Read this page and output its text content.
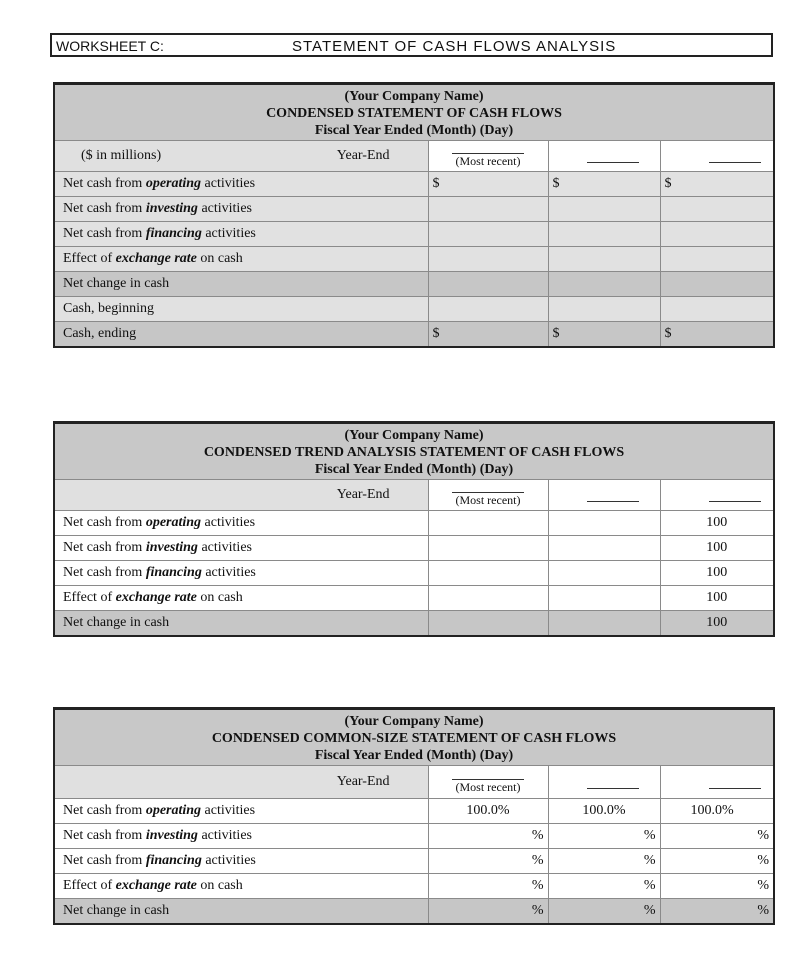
WORKSHEET C:	STATEMENT OF CASH FLOWS ANALYSIS
(Your Company Name)
CONDENSED STATEMENT OF CASH FLOWS
Fiscal Year Ended (Month) (Day)			

($ in millions) Year-End	(Most recent)	

Net cash from operating activities	$	$	$
Net cash from investing activities			
Net cash from financing activities			
Effect of exchange rate on cash			
Net change in cash			
Cash, beginning			
Cash, ending	$	$	$
(Your Company Name)
CONDENSED TREND ANALYSIS STATEMENT OF CASH FLOWS
Fiscal Year Ended (Month) (Day)			

Year-End	(Most recent)	

Net cash from operating activities			100
Net cash from investing activities			100
Net cash from financing activities			100
Effect of exchange rate on cash			100
Net change in cash			100
(Your Company Name)
CONDENSED COMMON-SIZE STATEMENT OF CASH FLOWS
Fiscal Year Ended (Month) (Day)			

Year-End	(Most recent)	

Net cash from operating activities	100.0%	100.0%	100.0%
Net cash from investing activities	%	%	%
Net cash from financing activities	%	%	%
Effect of exchange rate on cash	%	%	%
Net change in cash	%	%	%
